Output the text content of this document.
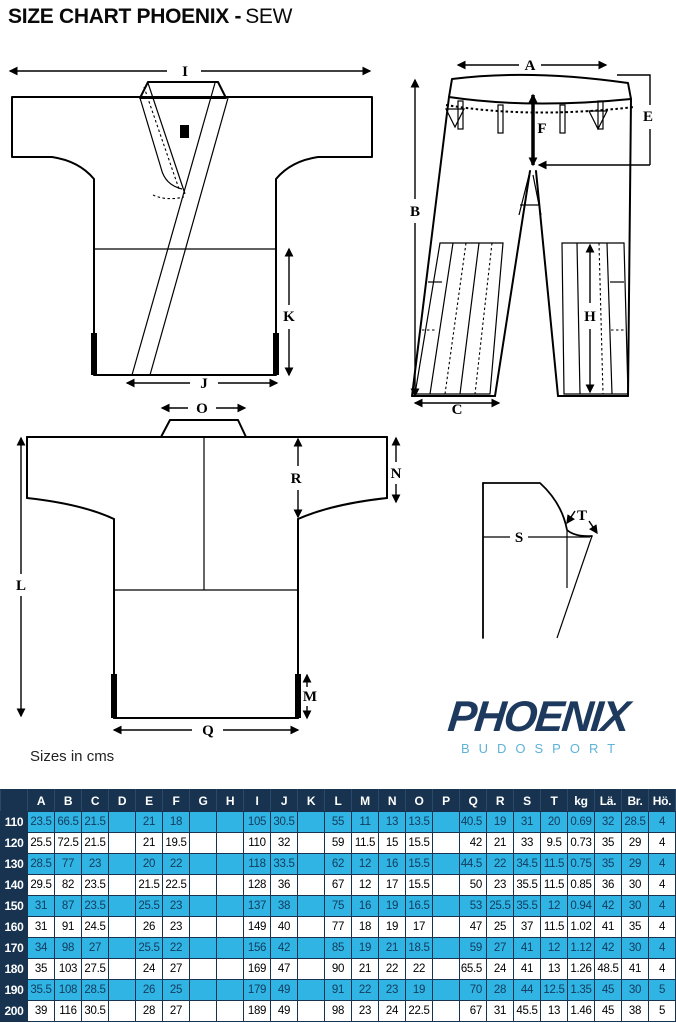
SIZE CHART PHOENIX - SEW
I
J
K
A
F
E
B
H
C
O
N
R
L
M
Q
S
T
Sizes in cms
PHOENIX
BUDOSPORT
	A	B	C	D	E	F	G	H	I	J	K	L	M	N	O	P	Q	R	S	T	kg	Lä.	Br.	Hö.
110	23.5	66.5	21.5		21	18			105	30.5		55	11	13	13.5		40.5	19	31	20	0.69	32	28.5	4
120	25.5	72.5	21.5		21	19.5			110	32		59	11.5	15	15.5		42	21	33	9.5	0.73	35	29	4
130	28.5	77	23		20	22			118	33.5		62	12	16	15.5		44.5	22	34.5	11.5	0.75	35	29	4
140	29.5	82	23.5		21.5	22.5			128	36		67	12	17	15.5		50	23	35.5	11.5	0.85	36	30	4
150	31	87	23.5		25.5	23			137	38		75	16	19	16.5		53	25.5	35.5	12	0.94	42	30	4
160	31	91	24.5		26	23			149	40		77	18	19	17		47	25	37	11.5	1.02	41	35	4
170	34	98	27		25.5	22			156	42		85	19	21	18.5		59	27	41	12	1.12	42	30	4
180	35	103	27.5		24	27			169	47		90	21	22	22		65.5	24	41	13	1.26	48.5	41	4
190	35.5	108	28.5		26	25			179	49		91	22	23	19		70	28	44	12.5	1.35	45	30	5
200	39	116	30.5		28	27			189	49		98	23	24	22.5		67	31	45.5	13	1.46	45	38	5
